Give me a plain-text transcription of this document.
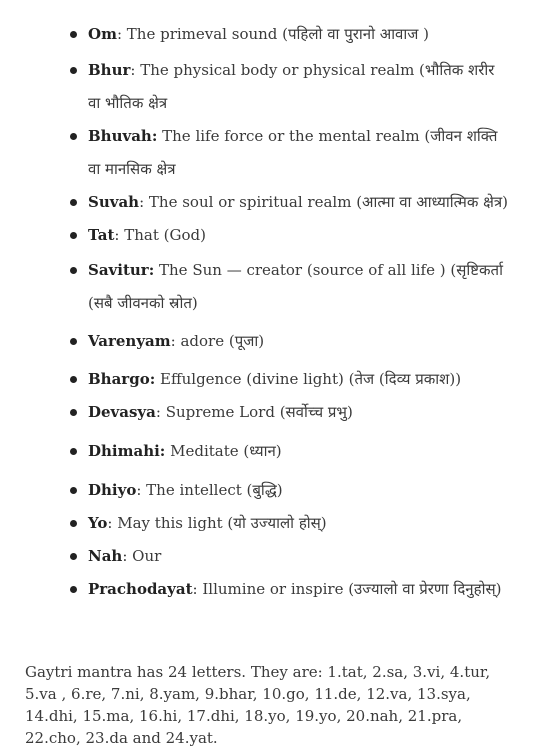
Om: The primeval sound (पहिलो वा पुरानो आवाज )
Bhur: The physical body or physical realm (भौतिक शरीर वा भौतिक क्षेत्र
Bhuvah: The life force or the mental realm (जीवन शक्ति वा मानसिक क्षेत्र
Suvah: The soul or spiritual realm (आत्मा वा आध्यात्मिक क्षेत्र)
Tat: That (God)
Savitur: The Sun — creator (source of all life ) (सृष्टिकर्ता (सबै जीवनको स्रोत)
Varenyam: adore (पूजा)
Bhargo: Effulgence (divine light) (तेज (दिव्य प्रकाश))
Devasya: Supreme Lord (सर्वोच्च प्रभु)
Dhimahi: Meditate (ध्यान)
Dhiyo: The intellect (बुद्धि)
Yo: May this light (यो उज्यालो होस्)
Nah: Our
Prachodayat: Illumine or inspire (उज्यालो वा प्रेरणा दिनुहोस्)

Gaytri mantra has 24 letters. They are: 1.tat, 2.sa, 3.vi, 4.tur, 5.va , 6.re, 7.ni, 8.yam, 9.bhar, 10.go, 11.de, 12.va, 13.sya, 14.dhi, 15.ma, 16.hi, 17.dhi, 18.yo, 19.yo, 20.nah, 21.pra, 22.cho, 23.da and 24.yat.
